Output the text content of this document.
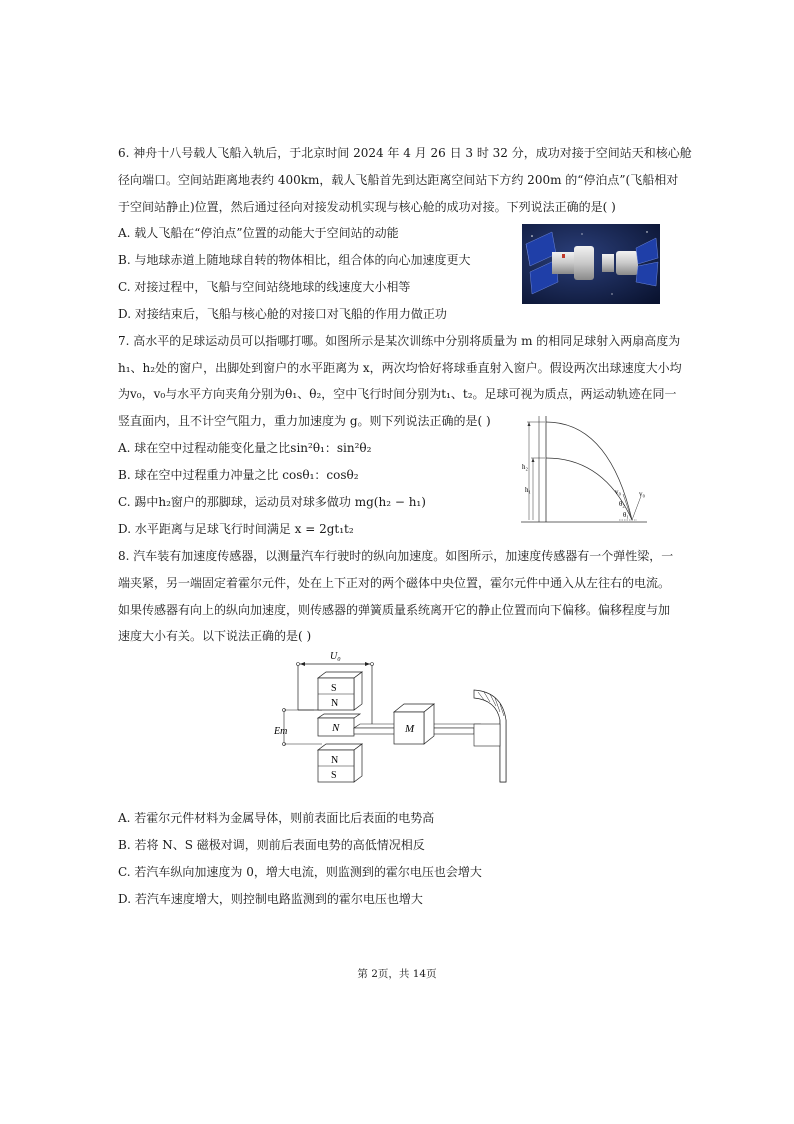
6. 神舟十八号载人飞船入轨后，于北京时间 2024 年 4 月 26 日 3 时 32 分，成功对接于空间站天和核心舱
径向端口。空间站距离地表约 400km，载人飞船首先到达距离空间站下方约 200m 的“停泊点”(飞船相对
于空间站静止)位置，然后通过径向对接发动机实现与核心舱的成功对接。下列说法正确的是( )
A. 载人飞船在“停泊点”位置的动能大于空间站的动能
B. 与地球赤道上随地球自转的物体相比，组合体的向心加速度更大
C. 对接过程中，飞船与空间站绕地球的线速度大小相等
D. 对接结束后，飞船与核心舱的对接口对飞船的作用力做正功
7. 高水平的足球运动员可以指哪打哪。如图所示是某次训练中分别将质量为 m 的相同足球射入两扇高度为
h₁、h₂处的窗户，出脚处到窗户的水平距离为 x，两次均恰好将球垂直射入窗户。假设两次出球速度大小均
为v₀，v₀与水平方向夹角分别为θ₁、θ₂，空中飞行时间分别为t₁、t₂。足球可视为质点，两运动轨迹在同一
竖直面内，且不计空气阻力，重力加速度为 g。则下列说法正确的是( )
A. 球在空中过程动能变化量之比sin²θ₁：sin²θ₂
B. 球在空中过程重力冲量之比 cosθ₁：cosθ₂
C. 踢中h₂窗户的那脚球，运动员对球多做功 mg(h₂ − h₁)
D. 水平距离与足球飞行时间满足 x = 2gt₁t₂
h₂
h₁	v₀	v₀
θ₂
θ₁
8. 汽车装有加速度传感器，以测量汽车行驶时的纵向加速度。如图所示，加速度传感器有一个弹性梁，一
端夹紧，另一端固定着霍尔元件，处在上下正对的两个磁体中央位置，霍尔元件中通入从左往右的电流。
如果传感器有向上的纵向加速度，则传感器的弹簧质量系统离开它的静止位置而向下偏移。偏移程度与加
速度大小有关。以下说法正确的是( )
U₀
Em
S
N
N	M
N
S
A. 若霍尔元件材料为金属导体，则前表面比后表面的电势高
B. 若将 N、S 磁极对调，则前后表面电势的高低情况相反
C. 若汽车纵向加速度为 0，增大电流，则监测到的霍尔电压也会增大
D. 若汽车速度增大，则控制电路监测到的霍尔电压也增大
第 2页，共 14页
